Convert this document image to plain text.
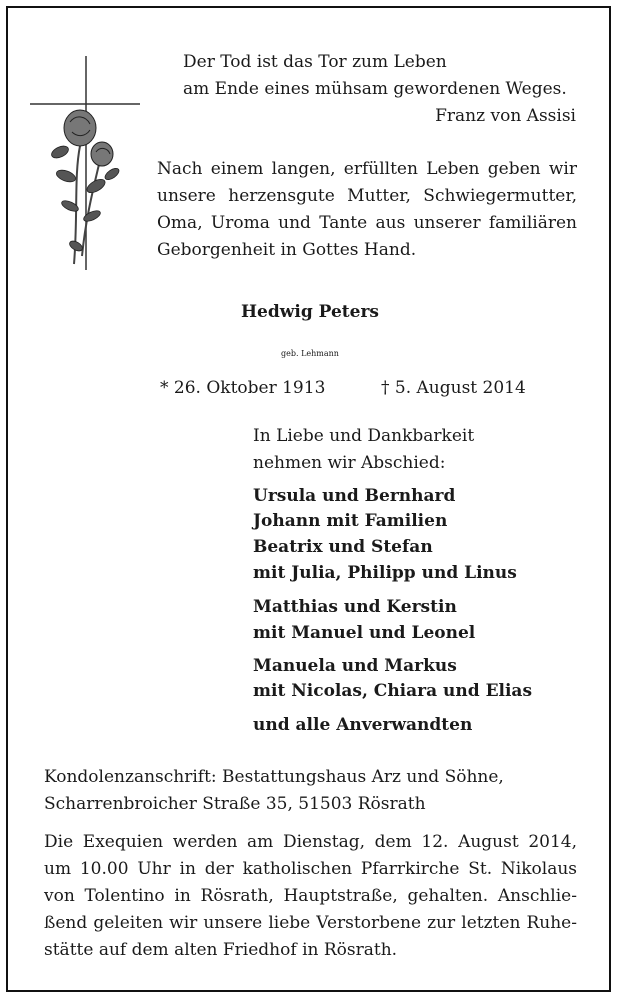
Der Tod ist das Tor zum Leben
am Ende eines mühsam gewordenen Weges.
Franz von Assisi
Nach einem langen, erfüllten Leben geben wir
unsere herzensgute Mutter, Schwiegermutter,
Oma, Uroma und Tante aus unserer familiären
Geborgenheit in Gottes Hand.
Hedwig Peters
geb. Lehmann
* 26. Oktober 1913	† 5. August 2014
In Liebe und Dankbarkeit
nehmen wir Abschied:
Ursula und Bernhard
Johann mit Familien
Beatrix und Stefan
mit Julia, Philipp und Linus
Matthias und Kerstin
mit Manuel und Leonel
Manuela und Markus
mit Nicolas, Chiara und Elias
und alle Anverwandten
Kondolenzanschrift: Bestattungshaus Arz und Söhne,
Scharrenbroicher Straße 35, 51503 Rösrath
Die Exequien werden am Dienstag, dem 12. August 2014,
um 10.00 Uhr in der katholischen Pfarrkirche St. Nikolaus
von Tolentino in Rösrath, Hauptstraße, gehalten. Anschlie-
ßend geleiten wir unsere liebe Verstorbene zur letzten Ruhe-
stätte auf dem alten Friedhof in Rösrath.
